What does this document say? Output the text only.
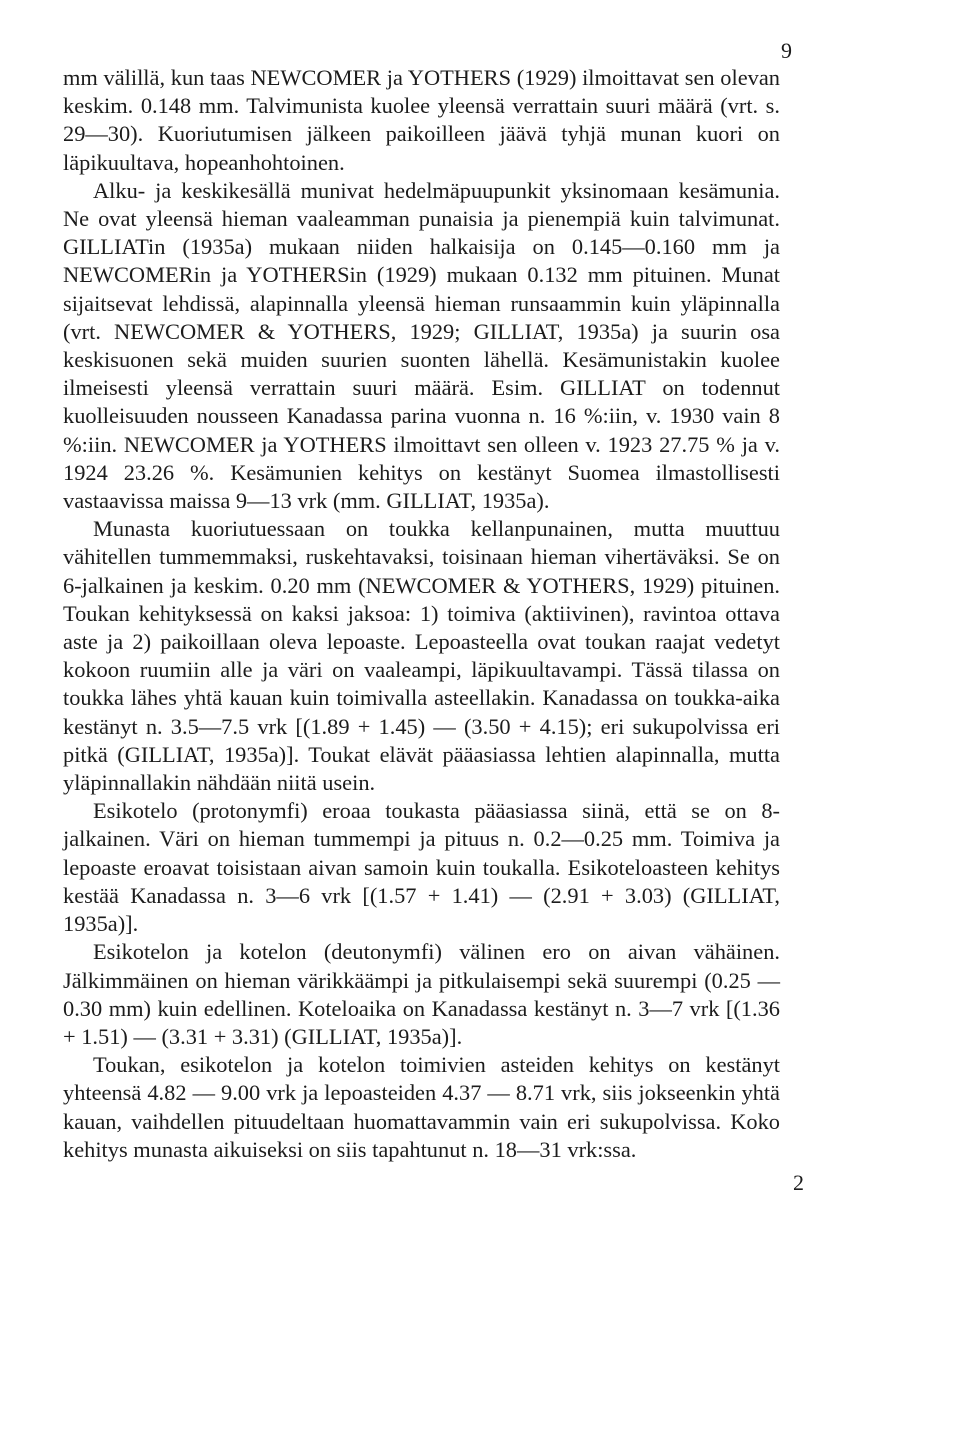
9

mm välillä, kun taas NEWCOMER ja YOTHERS (1929) ilmoittavat sen olevan keskim. 0.148 mm. Talvimunista kuolee yleensä verrattain suuri määrä (vrt. s. 29—30). Kuoriutumisen jälkeen paikoilleen jäävä tyhjä munan kuori on läpikuultava, hopeanhohtoinen.

Alku- ja keskikesällä munivat hedelmäpuupunkit yksinomaan kesämunia. Ne ovat yleensä hieman vaaleamman punaisia ja pienempiä kuin talvimunat. GILLIATin (1935a) mukaan niiden halkaisija on 0.145—0.160 mm ja NEWCOMERin ja YOTHERSin (1929) mukaan 0.132 mm pituinen. Munat sijaitsevat lehdissä, alapinnalla yleensä hieman runsaammin kuin yläpinnalla (vrt. NEWCOMER & YOTHERS, 1929; GILLIAT, 1935a) ja suurin osa keskisuonen sekä muiden suurien suonten lähellä. Kesämunistakin kuolee ilmeisesti yleensä verrattain suuri määrä. Esim. GILLIAT on todennut kuolleisuuden nousseen Kanadassa parina vuonna n. 16 %:iin, v. 1930 vain 8 %:iin. NEWCOMER ja YOTHERS ilmoittavt sen olleen v. 1923 27.75 % ja v. 1924 23.26 %. Kesämunien kehitys on kestänyt Suomea ilmastollisesti vastaavissa maissa 9—13 vrk (mm. GILLIAT, 1935a).

Munasta kuoriutuessaan on toukka kellanpunainen, mutta muuttuu vähitellen tummemmaksi, ruskehtavaksi, toisinaan hieman vihertäväksi. Se on 6-jalkainen ja keskim. 0.20 mm (NEWCOMER & YOTHERS, 1929) pituinen. Toukan kehityksessä on kaksi jaksoa: 1) toimiva (aktiivinen), ravintoa ottava aste ja 2) paikoillaan oleva lepoaste. Lepoasteella ovat toukan raajat vedetyt kokoon ruumiin alle ja väri on vaaleampi, läpikuultavampi. Tässä tilassa on toukka lähes yhtä kauan kuin toimivalla asteellakin. Kanadassa on toukka-aika kestänyt n. 3.5—7.5 vrk [(1.89 + 1.45) — (3.50 + 4.15); eri sukupolvissa eri pitkä (GILLIAT, 1935a)]. Toukat elävät pääasiassa lehtien alapinnalla, mutta yläpinnallakin nähdään niitä usein.

Esikotelo (protonymfi) eroaa toukasta pääasiassa siinä, että se on 8-jalkainen. Väri on hieman tummempi ja pituus n. 0.2—0.25 mm. Toimiva ja lepoaste eroavat toisistaan aivan samoin kuin toukalla. Esikoteloasteen kehitys kestää Kanadassa n. 3—6 vrk [(1.57 + 1.41) — (2.91 + 3.03) (GILLIAT, 1935a)].

Esikotelon ja kotelon (deutonymfi) välinen ero on aivan vähäinen. Jälkimmäinen on hieman värikkäämpi ja pitkulaisempi sekä suurempi (0.25 — 0.30 mm) kuin edellinen. Koteloaika on Kanadassa kestänyt n. 3—7 vrk [(1.36 + 1.51) — (3.31 + 3.31) (GILLIAT, 1935a)].

Toukan, esikotelon ja kotelon toimivien asteiden kehitys on kestänyt yhteensä 4.82 — 9.00 vrk ja lepoasteiden 4.37 — 8.71 vrk, siis jokseenkin yhtä kauan, vaihdellen pituudeltaan huomattavammin vain eri sukupolvissa. Koko kehitys munasta aikuiseksi on siis tapahtunut n. 18—31 vrk:ssa.

2
